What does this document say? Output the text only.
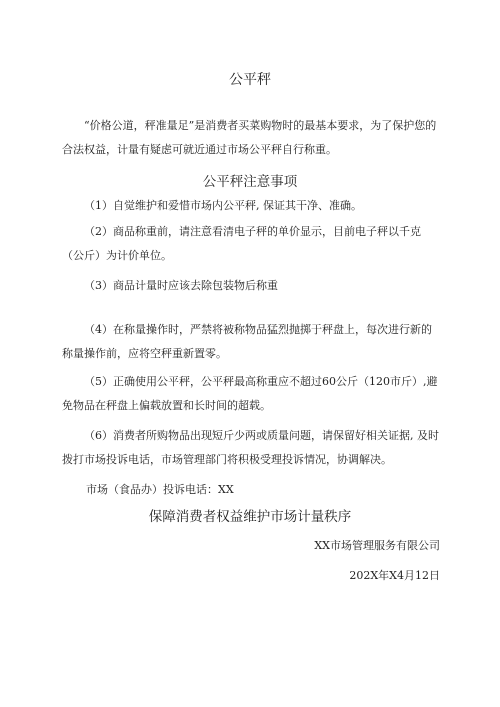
公平秤
“价格公道，秤准量足”是消费者买菜购物时的最基本要求，为了保护您的合法权益，计量有疑虑可就近通过市场公平秤自行称重。
公平秤注意事项
（1）自觉维护和爱惜市场内公平秤, 保证其干净、准确。
（2）商品称重前，请注意看清电子秤的单价显示，目前电子秤以千克（公斤）为计价单位。
（3）商品计量时应该去除包装物后称重
（4）在称量操作时，严禁将被称物品猛烈抛掷于秤盘上，每次进行新的称量操作前，应将空秤重新置零。
（5）正确使用公平秤，公平秤最高称重应不超过60公斤（120市斤）,避免物品在秤盘上偏载放置和长时间的超载。
（6）消费者所购物品出现短斤少两或质量问题，请保留好相关证据, 及时拨打市场投诉电话，市场管理部门将积极受理投诉情况，协调解决。
市场（食品办）投诉电话：XX
保障消费者权益维护市场计量秩序
XX市场管理服务有限公司
202X年X4月12日
